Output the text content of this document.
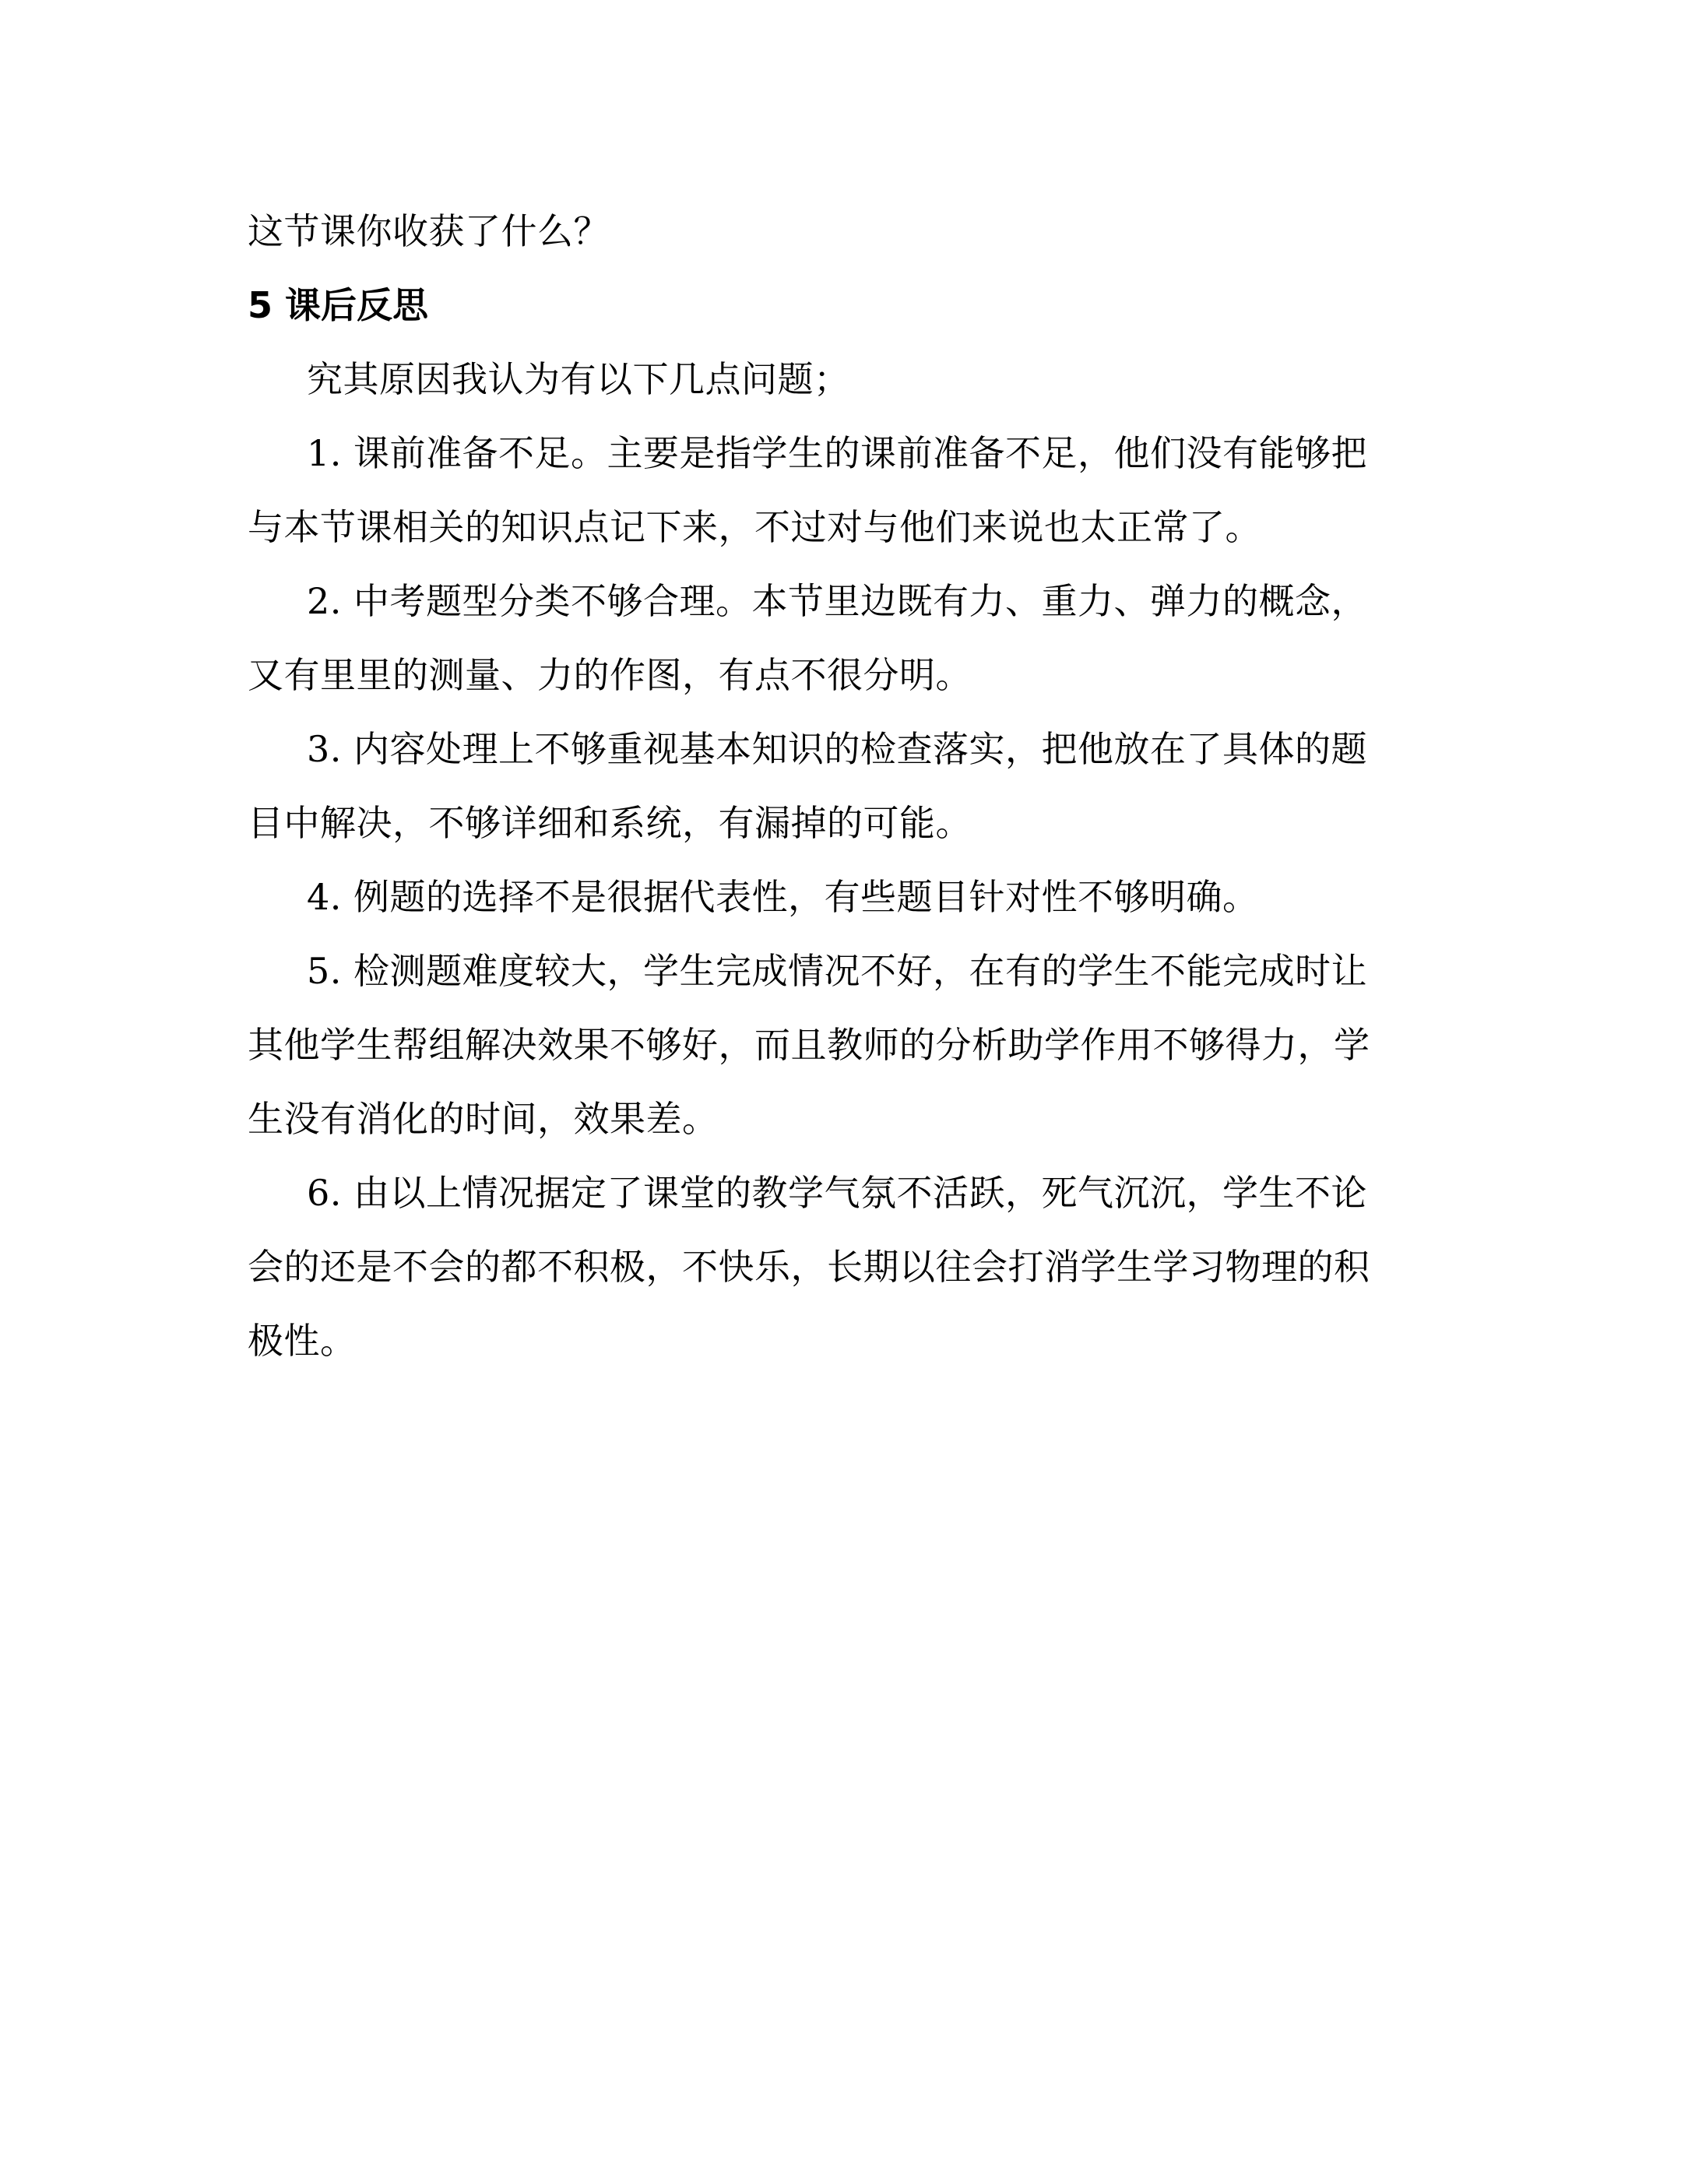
这节课你收获了什么？
5 课后反思
究其原因我认为有以下几点问题；
1. 课前准备不足。主要是指学生的课前准备不足，他们没有能够把
与本节课相关的知识点记下来，不过对与他们来说也太正常了。
2. 中考题型分类不够合理。本节里边既有力、重力、弹力的概念，
又有里里的测量、力的作图，有点不很分明。
3. 内容处理上不够重视基本知识的检查落实，把他放在了具体的题
目中解决，不够详细和系统，有漏掉的可能。
4. 例题的选择不是很据代表性，有些题目针对性不够明确。
5. 检测题难度较大，学生完成情况不好，在有的学生不能完成时让
其他学生帮组解决效果不够好，而且教师的分析助学作用不够得力，学
生没有消化的时间，效果差。
6. 由以上情况据定了课堂的教学气氛不活跃，死气沉沉，学生不论
会的还是不会的都不积极，不快乐，长期以往会打消学生学习物理的积
极性。
